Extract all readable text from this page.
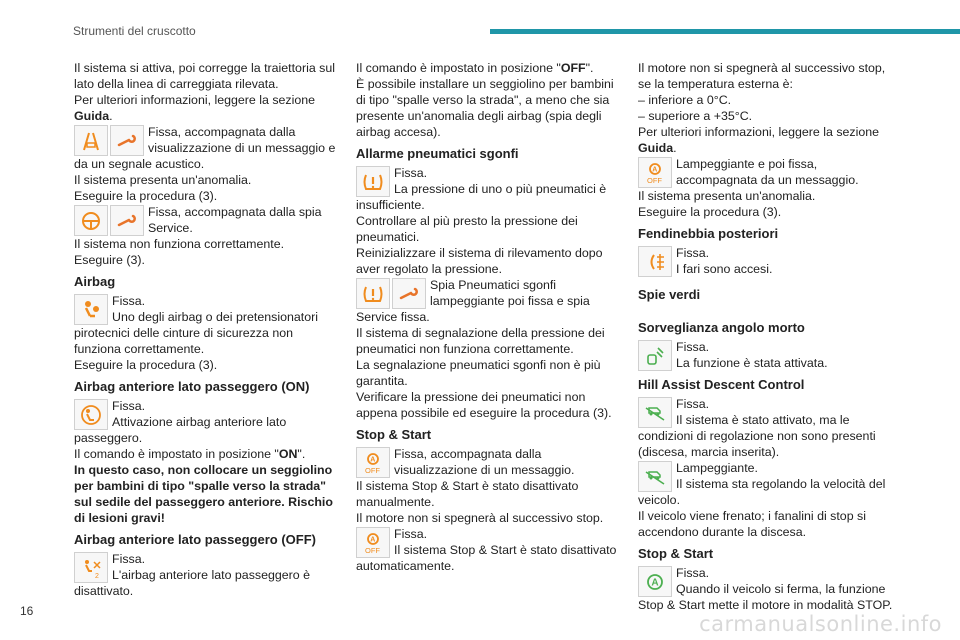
Strumenti del cruscotto

Il sistema si attiva, poi corregge la traiettoria sul lato della linea di carreggiata rilevata.

Per ulteriori informazioni, leggere la sezione Guida.

Fissa, accompagnata dalla visualizzazione di un messaggio e da un segnale acustico.

Il sistema presenta un'anomalia.

Eseguire la procedura (3).

Fissa, accompagnata dalla spia Service.

Il sistema non funziona correttamente.

Eseguire (3).

Airbag

Fissa.

Uno degli airbag o dei pretensionatori pirotecnici delle cinture di sicurezza non funziona correttamente.

Eseguire la procedura (3).

Airbag anteriore lato passeggero (ON)

Fissa.

Attivazione airbag anteriore lato passeggero.

Il comando è impostato in posizione "ON".

In questo caso, non collocare un seggiolino per bambini di tipo "spalle verso la strada" sul sedile del passeggero anteriore. Rischio di lesioni gravi!

Airbag anteriore lato passeggero (OFF)
2

Fissa.

L'airbag anteriore lato passeggero è disattivato.

Il comando è impostato in posizione "OFF".

È possibile installare un seggiolino per bambini di tipo "spalle verso la strada", a meno che sia presente un'anomalia degli airbag (spia degli airbag accesa).

Allarme pneumatici sgonfi

Fissa.

La pressione di uno o più pneumatici è insufficiente.

Controllare al più presto la pressione dei pneumatici.

Reinizializzare il sistema di rilevamento dopo aver regolato la pressione.

Spia Pneumatici sgonfi lampeggiante poi fissa e spia Service fissa.

Il sistema di segnalazione della pressione dei pneumatici non funziona correttamente.

La segnalazione pneumatici sgonfi non è più garantita.

Verificare la pressione dei pneumatici non appena possibile ed eseguire la procedura (3).

Stop & Start
A
OFF

Fissa, accompagnata dalla visualizzazione di un messaggio.

Il sistema Stop & Start è stato disattivato manualmente.

Il motore non si spegnerà al successivo stop.

A
OFF

Fissa.

Il sistema Stop & Start è stato disattivato automaticamente.

Il motore non si spegnerà al successivo stop, se la temperatura esterna è:

– inferiore a 0°C.

– superiore a +35°C.

Per ulteriori informazioni, leggere la sezione Guida.

A
OFF

Lampeggiante e poi fissa, accompagnata da un messaggio.

Il sistema presenta un'anomalia.

Eseguire la procedura (3).

Fendinebbia posteriori

Fissa.

I fari sono accesi.

Spie verdi
Sorveglianza angolo morto

Fissa.

La funzione è stata attivata.

Hill Assist Descent Control

Fissa.

Il sistema è stato attivato, ma le condizioni di regolazione non sono presenti (discesa, marcia inserita).

Lampeggiante.

Il sistema sta regolando la velocità del veicolo.

Il veicolo viene frenato; i fanalini di stop si accendono durante la discesa.

Stop & Start
A

Fissa.

Quando il veicolo si ferma, la funzione Stop & Start mette il motore in modalità STOP.

16
carmanualsonline.info
